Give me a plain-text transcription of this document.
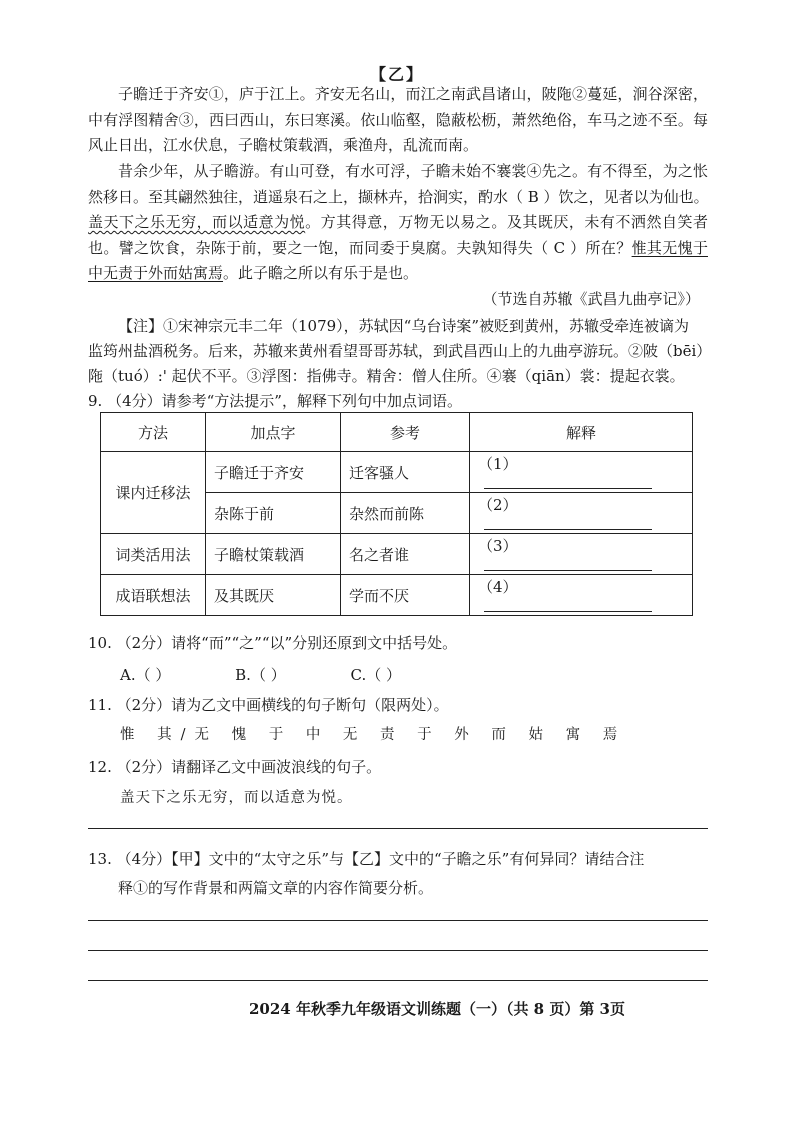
【乙】
子瞻迁于齐安①，庐于江上。齐安无名山，而江之南武昌诸山，陂陁②蔓延，涧谷深密，
中有浮图精舍③，西曰西山，东曰寒溪。依山临壑，隐蔽松枥，萧然绝俗，车马之迹不至。每
风止日出，江水伏息，子瞻杖策载酒，乘渔舟，乱流而南。
昔余少年，从子瞻游。有山可登，有水可浮，子瞻未始不褰裳④先之。有不得至，为之怅
然移日。至其翩然独往，逍遥泉石之上，撷林卉，拾涧实，酌水（ B ）饮之，见者以为仙也。
盖天下之乐无穷，而以适意为悦。方其得意，万物无以易之。及其既厌，未有不洒然自笑者
也。譬之饮食，杂陈于前，要之一饱，而同委于臭腐。夫孰知得失（ C ）所在？惟其无愧于
中无责于外而姑寓焉。此子瞻之所以有乐于是也。
（节选自苏辙《武昌九曲亭记》）
【注】①宋神宗元丰二年（1079），苏轼因“乌台诗案”被贬到黄州，苏辙受牵连被谪为
监筠州盐酒税务。后来，苏辙来黄州看望哥哥苏轼，到武昌西山上的九曲亭游玩。②陂（bēi）
陁（tuó）:' 起伏不平。③浮图：指佛寺。精舍：僧人住所。④褰（qiān）裳：提起衣裳。
9. （4分）请参考“方法提示”，解释下列句中加点词语。
方法	加点字	参考	解释
课内迁移法	子瞻迁于齐安	迁客骚人	（1）
	杂陈于前	杂然而前陈	（2）
词类活用法	子瞻杖策载酒	名之者谁	（3）
成语联想法	及其既厌	学而不厌	（4）
10. （2分）请将“而”“之”“以”分别还原到文中括号处。
A.（ ）	B.（ ）	C.（ ）
11. （2分）请为乙文中画横线的句子断句（限两处）。
惟 其/无 愧 于 中 无 责 于 外 而 姑 寓 焉
12. （2分）请翻译乙文中画波浪线的句子。
盖天下之乐无穷，而以适意为悦。
13. （4分）【甲】文中的“太守之乐”与【乙】文中的“子瞻之乐”有何异同？请结合注
释①的写作背景和两篇文章的内容作简要分析。
2024 年秋季九年级语文训练题（一）（共 8 页）第 3页
